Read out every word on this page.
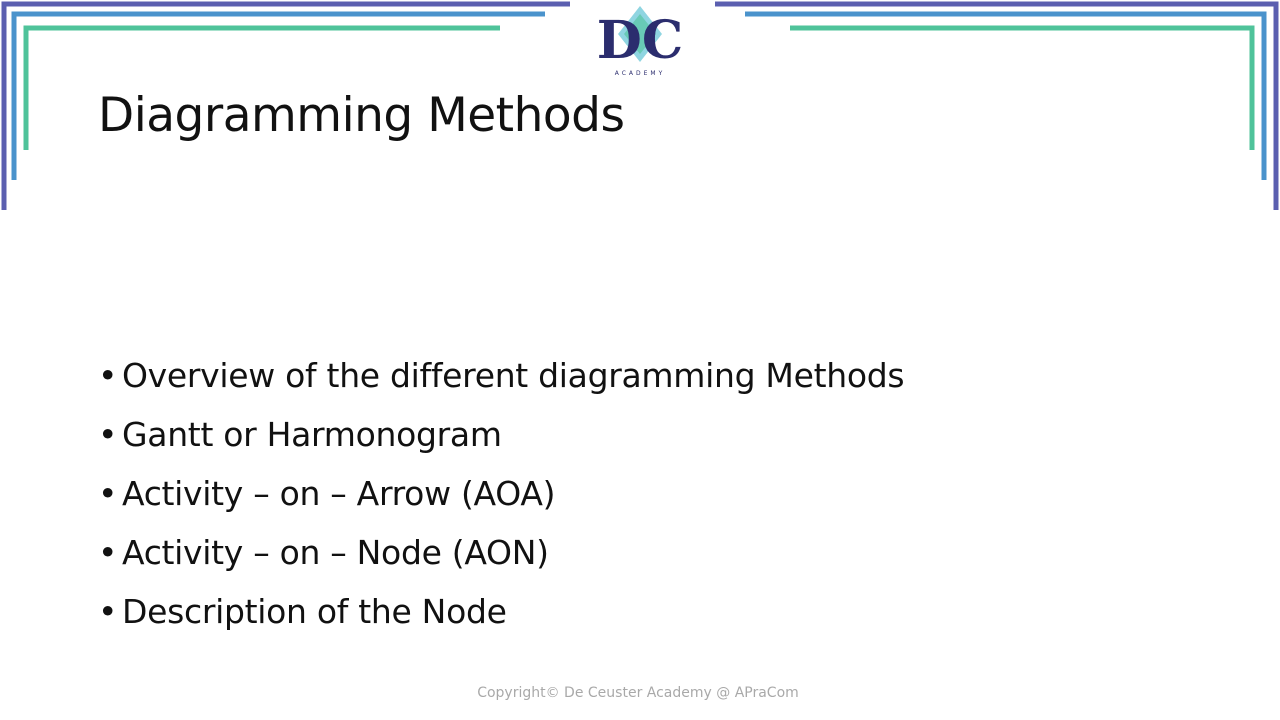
DC
ACADEMY
Diagramming Methods
• Overview of the different diagramming Methods
• Gantt or Harmonogram
• Activity – on – Arrow (AOA)
• Activity – on – Node (AON)
• Description of the Node
Copyright© De Ceuster Academy @ APraCom
